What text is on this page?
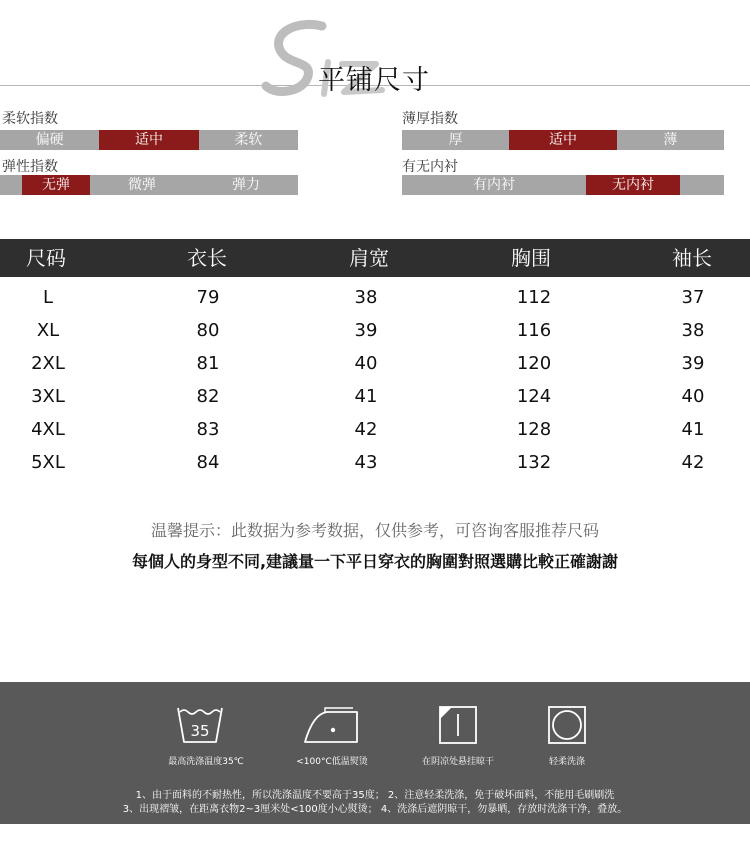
平铺尺寸
柔软指数
偏硬	适中	柔软
薄厚指数
厚	适中	薄
弹性指数
无弹	微弹	弹力
有无内衬
有内衬	无内衬
尺码	衣长	肩宽	胸围	袖长
L	79	38	112	37
XL	80	39	116	38
2XL	81	40	120	39
3XL	82	41	124	40
4XL	83	42	128	41
5XL	84	43	132	42
温馨提示：此数据为参考数据，仅供参考，可咨询客服推荐尺码
每個人的身型不同,建議量一下平日穿衣的胸圍對照選購比較正確謝謝
35
最高洗涤温度35℃	<100°C低温熨烫	在阴凉处悬挂晾干	轻柔洗涤
1、由于面料的不耐热性，所以洗涤温度不要高于35度； 2、注意轻柔洗涤，免于破坏面料，不能用毛刷刷洗
3、出现褶皱，在距离衣物2~3厘米处<100度小心熨烫； 4、洗涤后遮阴晾干，勿暴晒，存放时洗涤干净，叠放。
